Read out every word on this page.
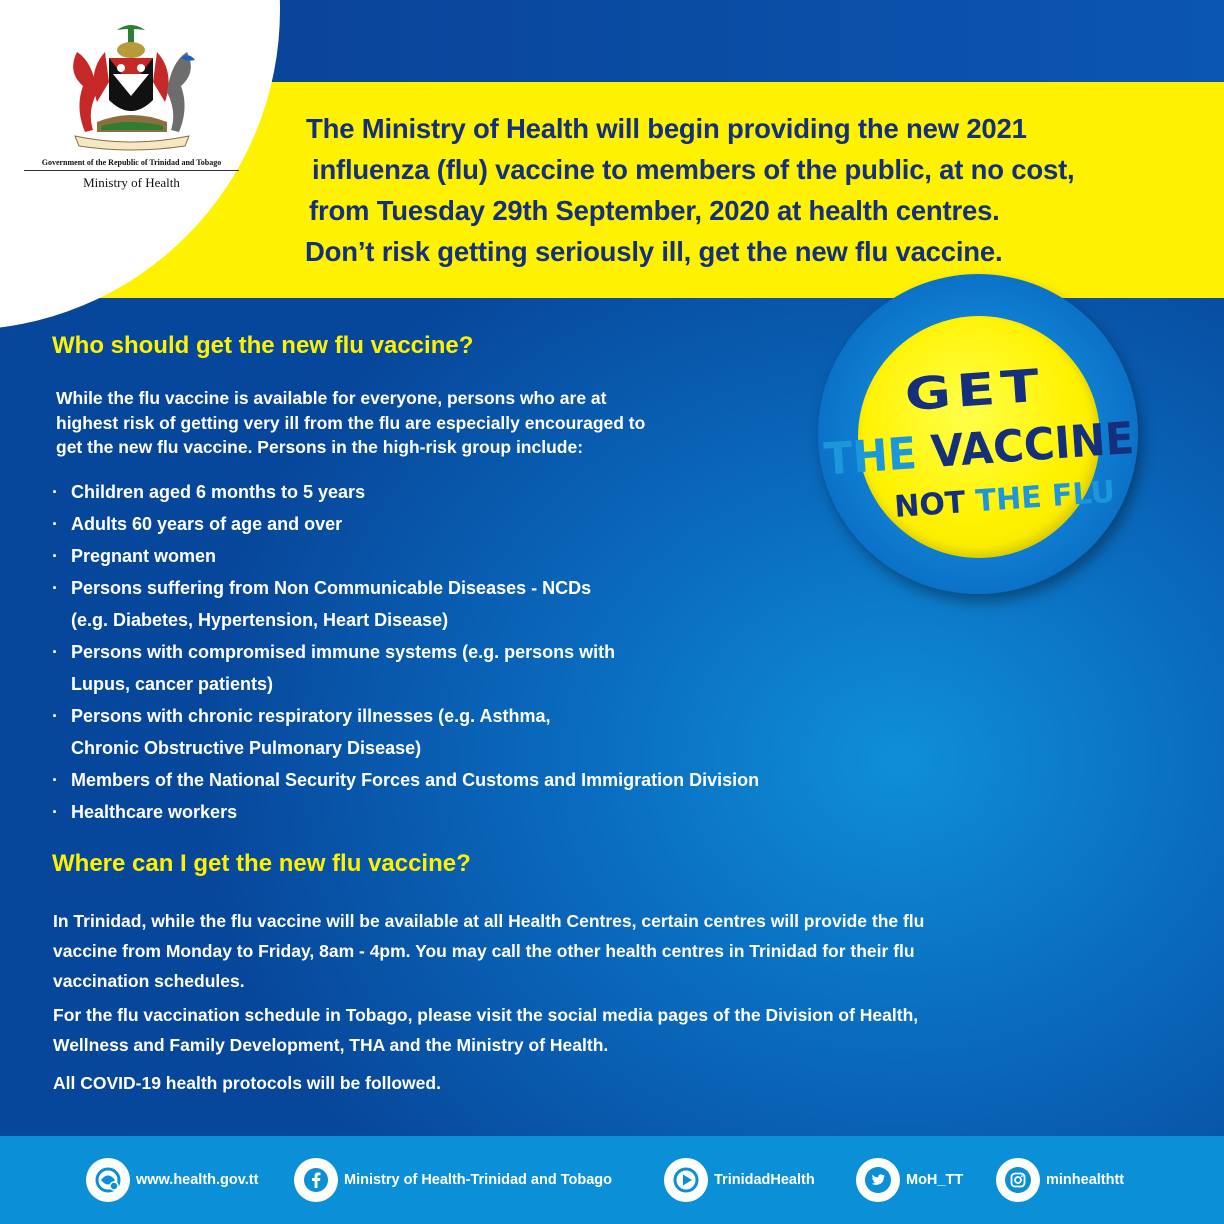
Government of the Republic of Trinidad and Tobago
Ministry of Health
The Ministry of Health will begin providing the new 2021
influenza (flu) vaccine to members of the public, at no cost,
from Tuesday 29th September, 2020 at health centres.
Don’t risk getting seriously ill, get the new flu vaccine.
GET
THE VACCINE
NOT THE FLU
Who should get the new flu vaccine?
While the flu vaccine is available for everyone, persons who are at
highest risk of getting very ill from the flu are especially encouraged to
get the new flu vaccine. Persons in the high-risk group include:
· Children aged 6 months to 5 years
· Adults 60 years of age and over
· Pregnant women
· Persons suffering from Non Communicable Diseases - NCDs
(e.g. Diabetes, Hypertension, Heart Disease)
· Persons with compromised immune systems (e.g. persons with
Lupus, cancer patients)
· Persons with chronic respiratory illnesses (e.g. Asthma,
Chronic Obstructive Pulmonary Disease)
· Members of the National Security Forces and Customs and Immigration Division
· Healthcare workers
Where can I get the new flu vaccine?

In Trinidad, while the flu vaccine will be available at all Health Centres, certain centres will provide the flu
vaccine from Monday to Friday, 8am - 4pm. You may call the other health centres in Trinidad for their flu
vaccination schedules.

For the flu vaccination schedule in Tobago, please visit the social media pages of the Division of Health,
Wellness and Family Development, THA and the Ministry of Health.

All COVID-19 health protocols will be followed.

www.health.gov.tt	Ministry of Health-Trinidad and Tobago	TrinidadHealth	MoH_TT	minhealthtt
